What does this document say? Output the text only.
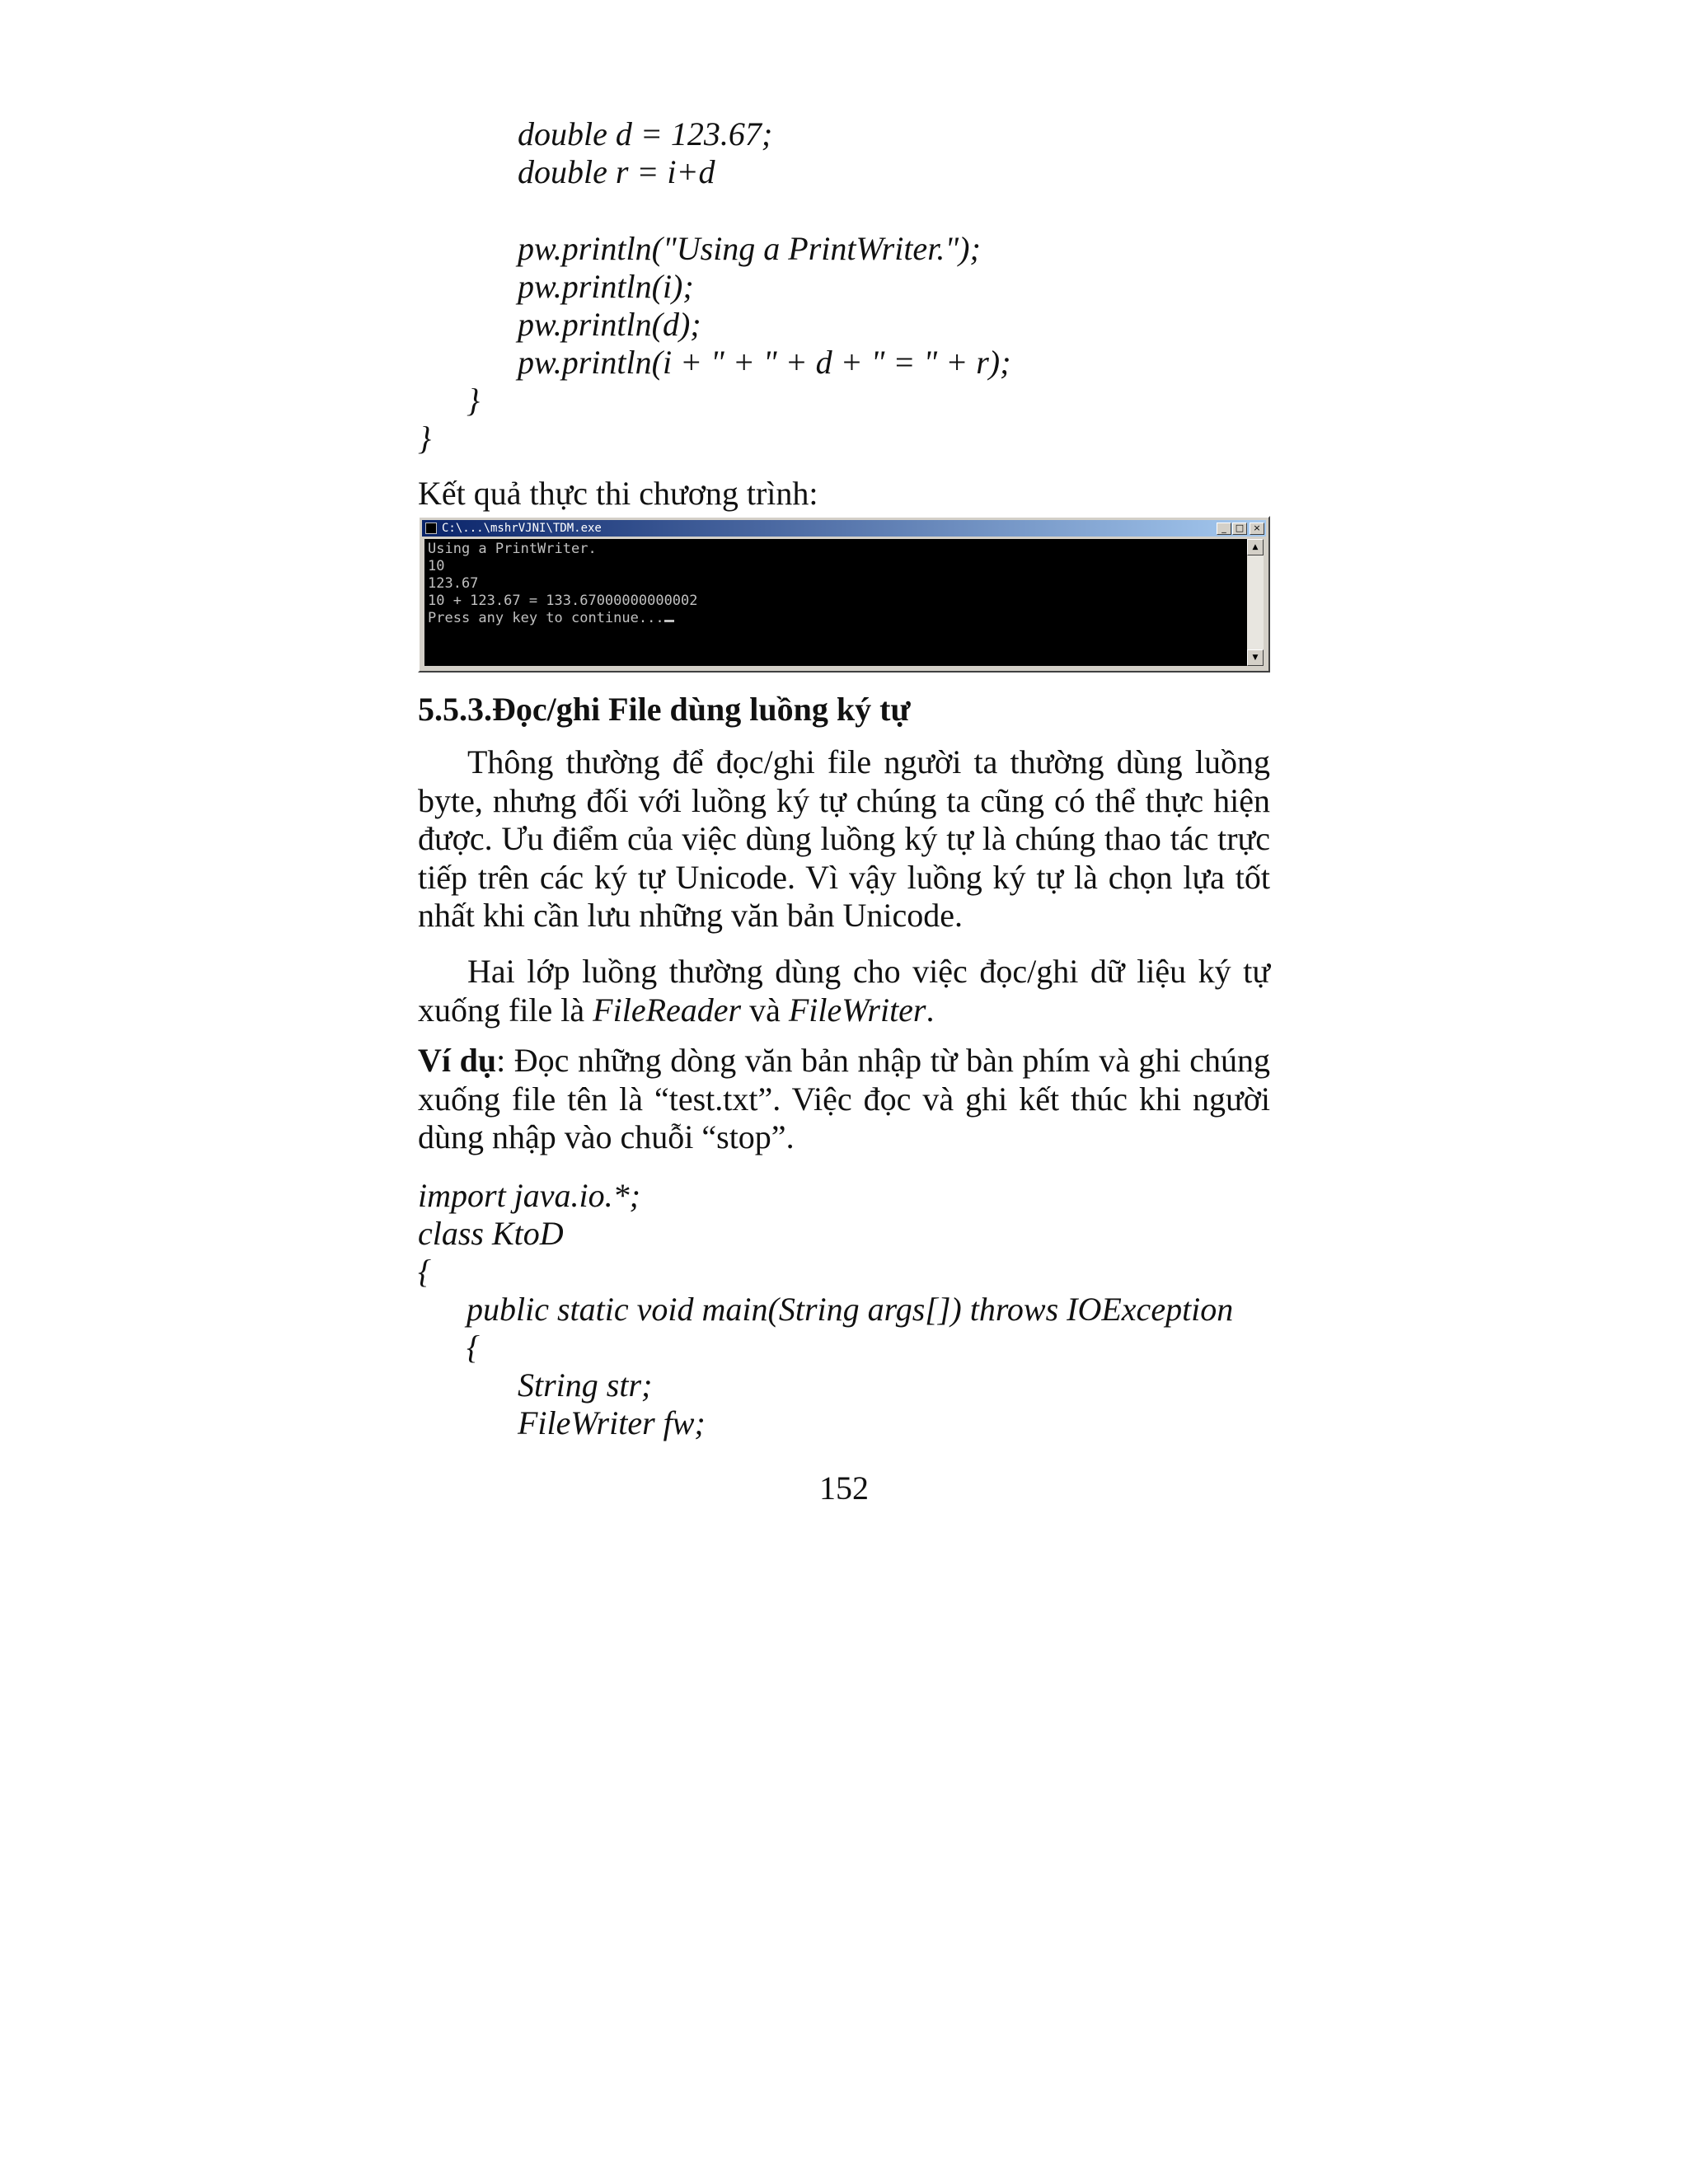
double d = 123.67;
double r = i+d
pw.println("Using a PrintWriter.");
pw.println(i);
pw.println(d);
pw.println(i + " + " + d + " = " + r);
}
}
Kết quả thực thi chương trình:
C:\...\mshrVJNI\TDM.exe	_	□	×
Using a PrintWriter.
10
123.67
10 + 123.67 = 133.67000000000002
Press any key to continue...
▲
▼
5.5.3.Đọc/ghi File dùng luồng ký tự

Thông thường để đọc/ghi file người ta thường dùng luồng byte, nhưng đối với luồng ký tự chúng ta cũng có thể thực hiện được. Ưu điểm của việc dùng luồng ký tự là chúng thao tác trực tiếp trên các ký tự Unicode. Vì vậy luồng ký tự là chọn lựa tốt nhất khi cần lưu những văn bản Unicode.

Hai lớp luồng thường dùng cho việc đọc/ghi dữ liệu ký tự xuống file là FileReader và FileWriter.

Ví dụ: Đọc những dòng văn bản nhập từ bàn phím và ghi chúng xuống file tên là “test.txt”. Việc đọc và ghi kết thúc khi người dùng nhập vào chuỗi “stop”.

import java.io.*;
class KtoD
{
public static void main(String args[]) throws IOException
{
String str;
FileWriter fw;
152
